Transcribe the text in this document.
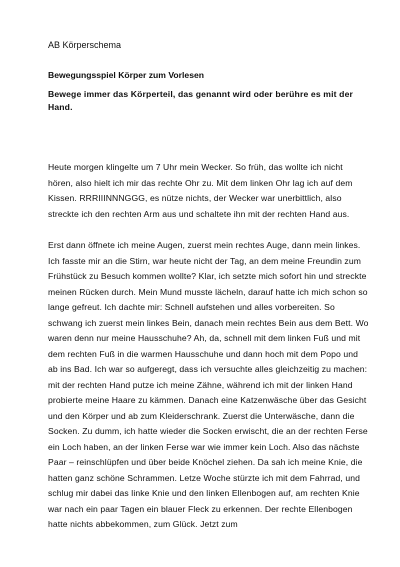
AB Körperschema
Bewegungsspiel Körper zum Vorlesen
Bewege immer das Körperteil, das genannt wird oder berühre es mit der Hand.

Heute morgen klingelte um 7 Uhr mein Wecker. So früh, das wollte ich nicht hören, also hielt ich mir das rechte Ohr zu. Mit dem linken Ohr lag ich auf dem Kissen. RRRIIINNNGGG, es nütze nichts, der Wecker war unerbittlich, also streckte ich den rechten Arm aus und schaltete ihn mit der rechten Hand aus.

Erst dann öffnete ich meine Augen, zuerst mein rechtes Auge, dann mein linkes. Ich fasste mir an die Stirn, war heute nicht der Tag, an dem meine Freundin zum Frühstück zu Besuch kommen wollte? Klar, ich setzte mich sofort hin und streckte meinen Rücken durch. Mein Mund musste lächeln, darauf hatte ich mich schon so lange gefreut. Ich dachte mir: Schnell aufstehen und alles vorbereiten. So schwang ich zuerst mein linkes Bein, danach mein rechtes Bein aus dem Bett. Wo waren denn nur meine Hausschuhe? Ah, da, schnell mit dem linken Fuß und mit dem rechten Fuß in die warmen Hausschuhe und dann hoch mit dem Popo und ab ins Bad. Ich war so aufgeregt, dass ich versuchte alles gleichzeitig zu machen: mit der rechten Hand putze ich meine Zähne, während ich mit der linken Hand probierte meine Haare zu kämmen. Danach eine Katzenwäsche über das Gesicht und den Körper und ab zum Kleiderschrank. Zuerst die Unterwäsche, dann die Socken. Zu dumm, ich hatte wieder die Socken erwischt, die an der rechten Ferse ein Loch haben, an der linken Ferse war wie immer kein Loch. Also das nächste Paar – reinschlüpfen und über beide Knöchel ziehen. Da sah ich meine Knie, die hatten ganz schöne Schrammen. Letze Woche stürzte ich mit dem Fahrrad, und schlug mir dabei das linke Knie und den linken Ellenbogen auf, am rechten Knie war nach ein paar Tagen ein blauer Fleck zu erkennen. Der rechte Ellenbogen hatte nichts abbekommen, zum Glück. Jetzt zum
